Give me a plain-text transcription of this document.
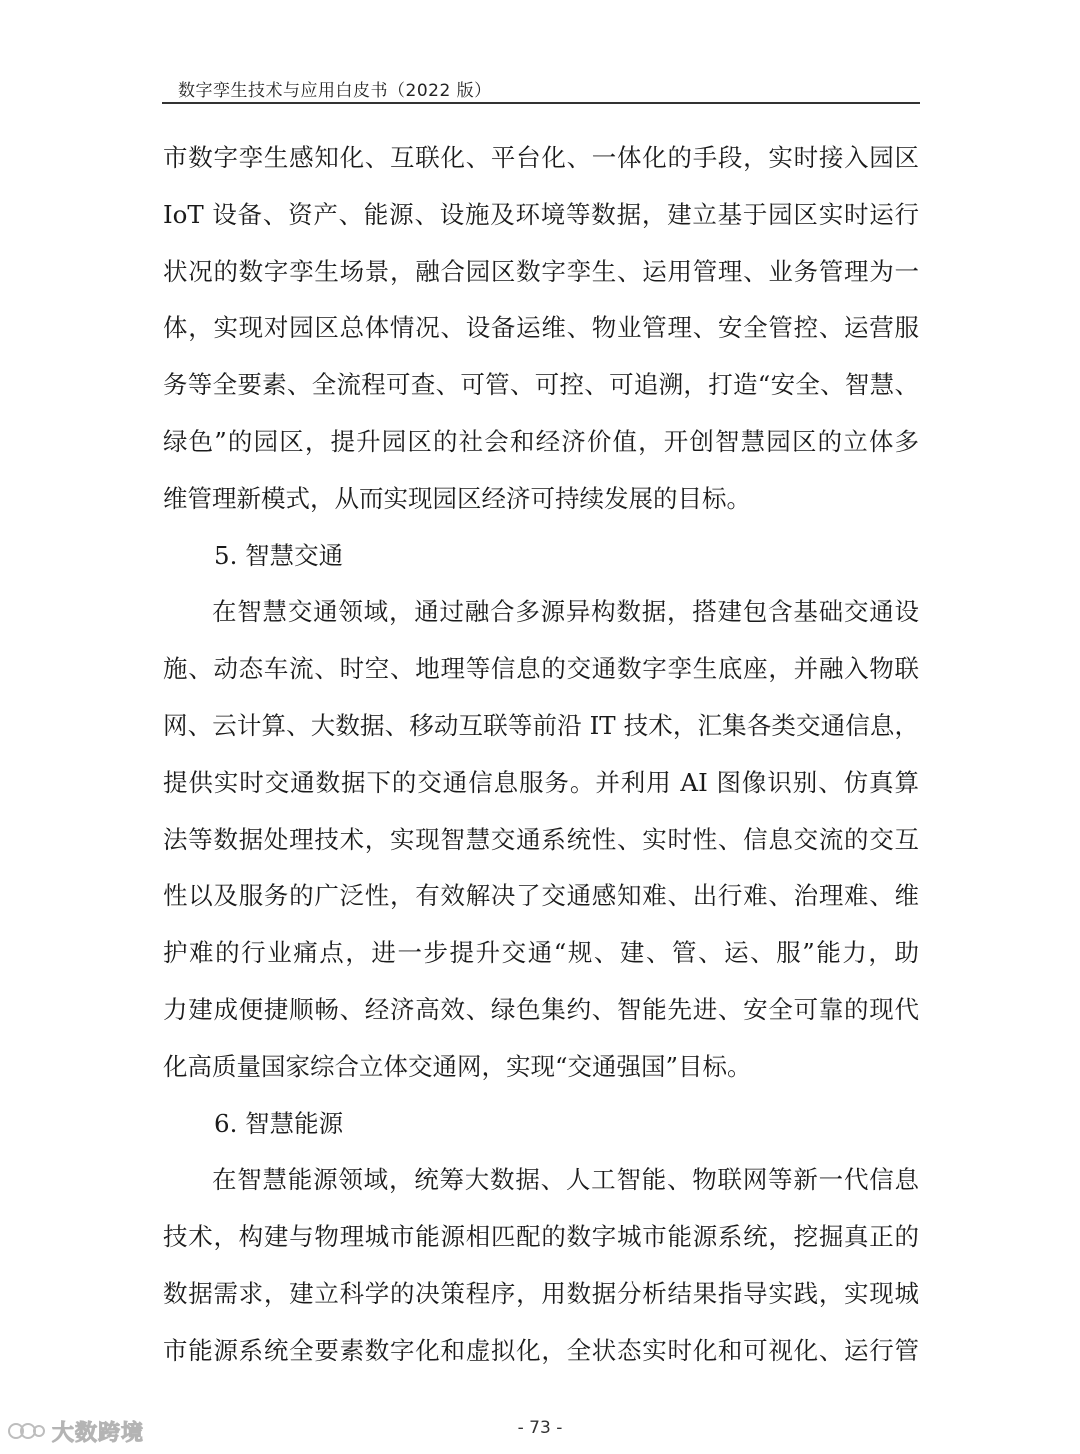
数字孪生技术与应用白皮书（2022 版）
市数字孪生感知化、互联化、平台化、一体化的手段，实时接入园区
IoT 设备、资产、能源、设施及环境等数据，建立基于园区实时运行
状况的数字孪生场景，融合园区数字孪生、运用管理、业务管理为一
体，实现对园区总体情况、设备运维、物业管理、安全管控、运营服
务等全要素、全流程可查、可管、可控、可追溯，打造“安全、智慧、
绿色”的园区，提升园区的社会和经济价值，开创智慧园区的立体多
维管理新模式，从而实现园区经济可持续发展的目标。
5. 智慧交通
在智慧交通领域，通过融合多源异构数据，搭建包含基础交通设
施、动态车流、时空、地理等信息的交通数字孪生底座，并融入物联
网、云计算、大数据、移动互联等前沿 IT 技术，汇集各类交通信息，
提供实时交通数据下的交通信息服务。并利用 AI 图像识别、仿真算
法等数据处理技术，实现智慧交通系统性、实时性、信息交流的交互
性以及服务的广泛性，有效解决了交通感知难、出行难、治理难、维
护难的行业痛点，进一步提升交通“规、建、管、运、服”能力，助
力建成便捷顺畅、经济高效、绿色集约、智能先进、安全可靠的现代
化高质量国家综合立体交通网，实现“交通强国”目标。
6. 智慧能源
在智慧能源领域，统筹大数据、人工智能、物联网等新一代信息
技术，构建与物理城市能源相匹配的数字城市能源系统，挖掘真正的
数据需求，建立科学的决策程序，用数据分析结果指导实践，实现城
市能源系统全要素数字化和虚拟化，全状态实时化和可视化、运行管
- 73 -
大数跨境
